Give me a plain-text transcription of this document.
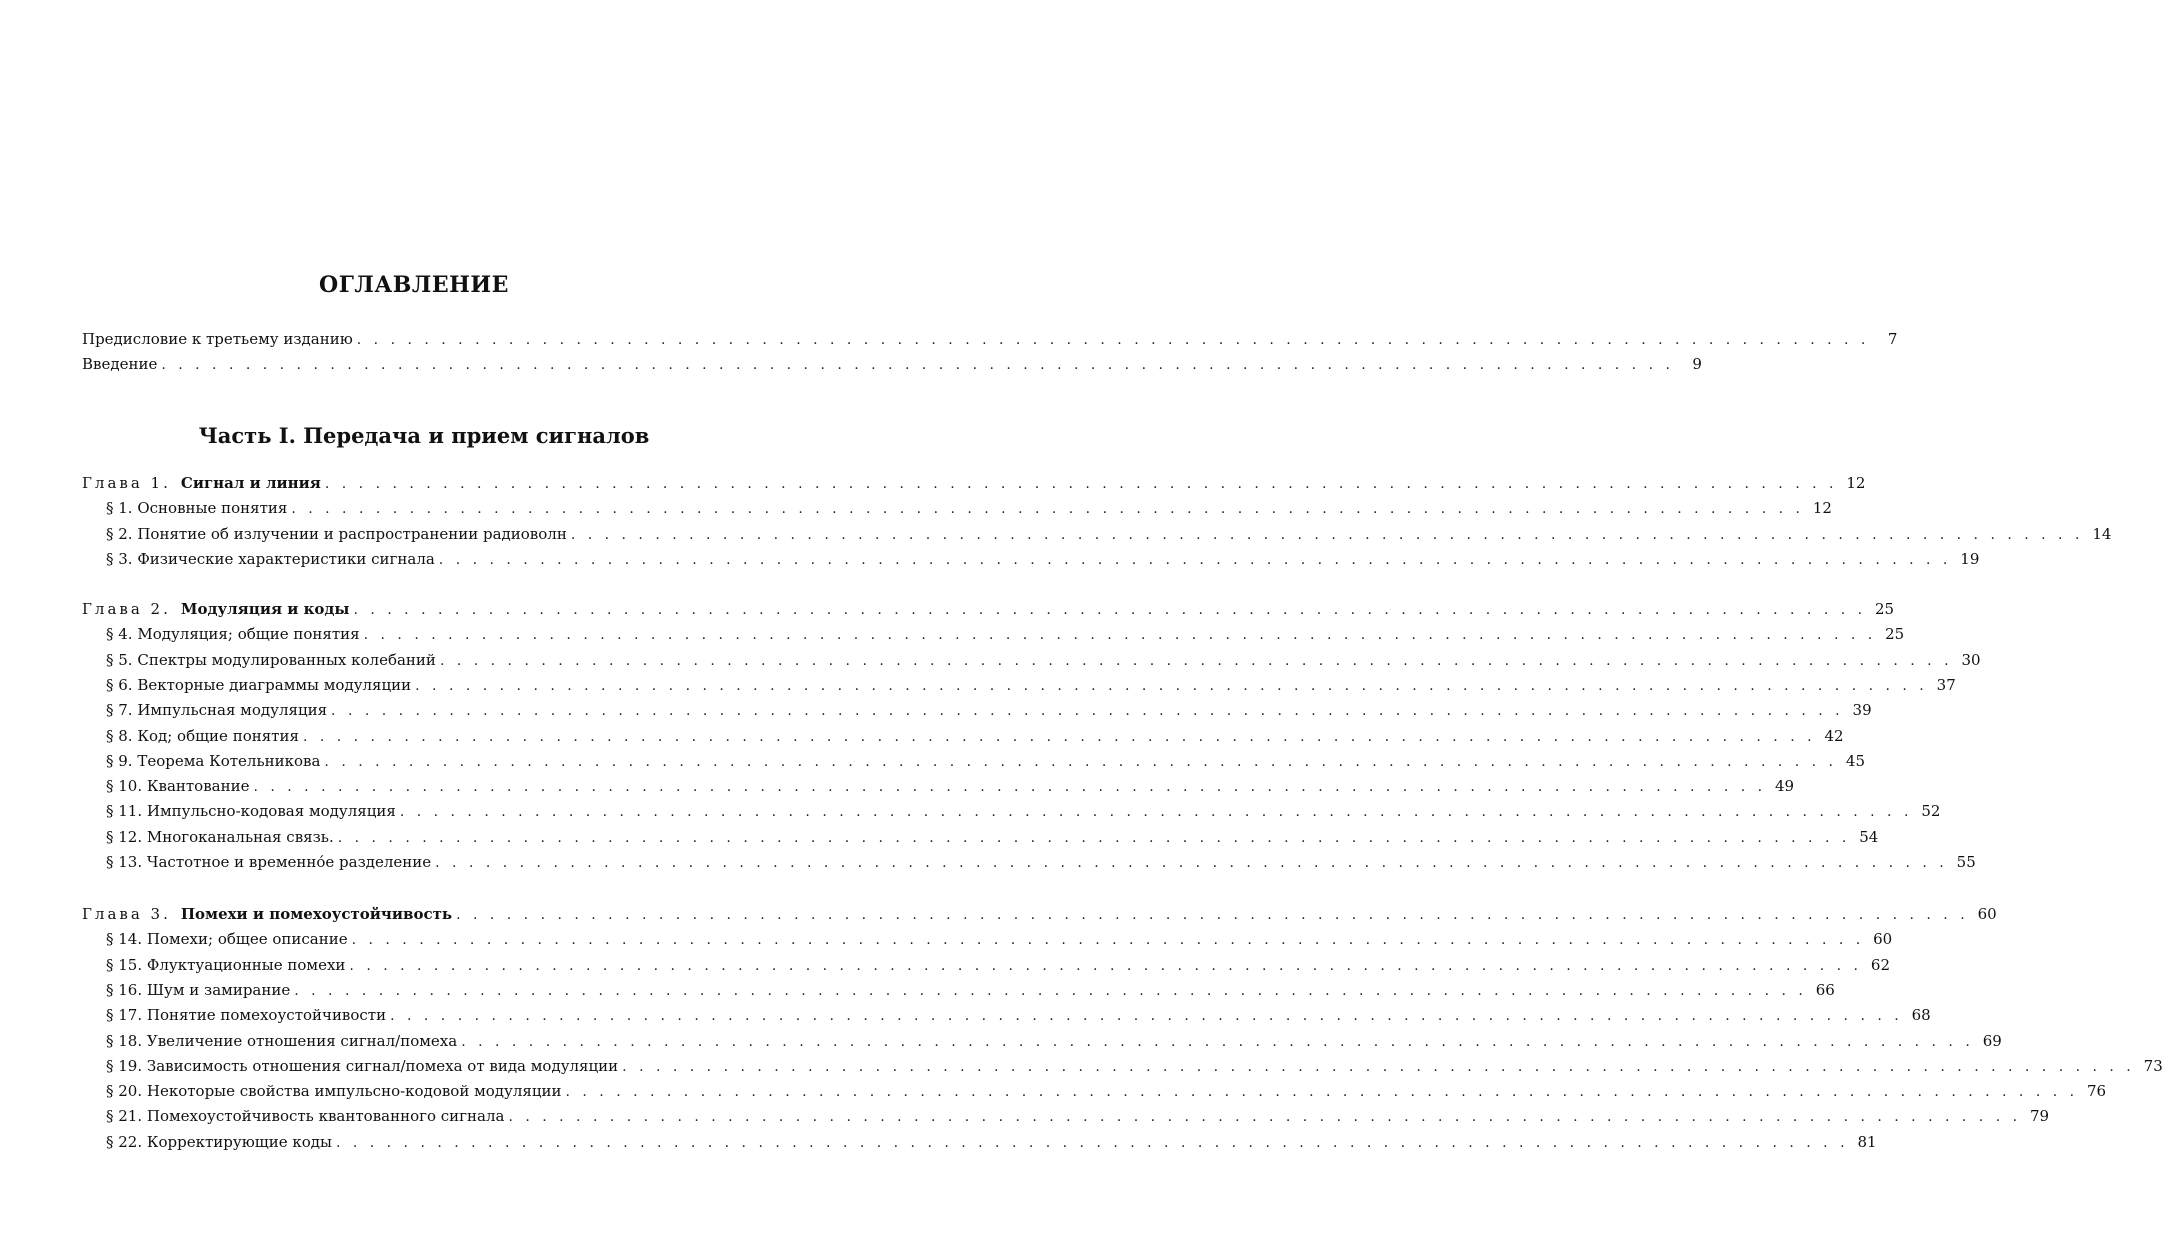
ОГЛАВЛЕНИЕ
Часть I. Передача и прием сигналов
Предисловие к третьему изданию . . . . . . . . . . . . . . . . . . . . . . . . . . . . . . . . . . . . . . . . . . . . . . . . . . . . . . . . . . . . . . . . . . . . . . . . . . . . . . . . . . . . . . . . . .	7
Введение . . . . . . . . . . . . . . . . . . . . . . . . . . . . . . . . . . . . . . . . . . . . . . . . . . . . . . . . . . . . . . . . . . . . . . . . . . . . . . . . . . . . . . . . . .	9
Глава 1. Сигнал и линия . . . . . . . . . . . . . . . . . . . . . . . . . . . . . . . . . . . . . . . . . . . . . . . . . . . . . . . . . . . . . . . . . . . . . . . . . . . . . . . . . . . . . . . . . . 12
§ 1. Основные понятия . . . . . . . . . . . . . . . . . . . . . . . . . . . . . . . . . . . . . . . . . . . . . . . . . . . . . . . . . . . . . . . . . . . . . . . . . . . . . . . . . . . . . . . . . . 12
§ 2. Понятие об излучении и распространении радиоволн . . . . . . . . . . . . . . . . . . . . . . . . . . . . . . . . . . . . . . . . . . . . . . . . . . . . . . . . . . . . . . . . . . . . . . . . . . . . . . . . . . . . . . . . . . 14
§ 3. Физические характеристики сигнала . . . . . . . . . . . . . . . . . . . . . . . . . . . . . . . . . . . . . . . . . . . . . . . . . . . . . . . . . . . . . . . . . . . . . . . . . . . . . . . . . . . . . . . . . . 19
Глава 2. Модуляция и коды . . . . . . . . . . . . . . . . . . . . . . . . . . . . . . . . . . . . . . . . . . . . . . . . . . . . . . . . . . . . . . . . . . . . . . . . . . . . . . . . . . . . . . . . . . 25
§ 4. Модуляция; общие понятия . . . . . . . . . . . . . . . . . . . . . . . . . . . . . . . . . . . . . . . . . . . . . . . . . . . . . . . . . . . . . . . . . . . . . . . . . . . . . . . . . . . . . . . . . . 25
§ 5. Спектры модулированных колебаний . . . . . . . . . . . . . . . . . . . . . . . . . . . . . . . . . . . . . . . . . . . . . . . . . . . . . . . . . . . . . . . . . . . . . . . . . . . . . . . . . . . . . . . . . . 30
§ 6. Векторные диаграммы модуляции . . . . . . . . . . . . . . . . . . . . . . . . . . . . . . . . . . . . . . . . . . . . . . . . . . . . . . . . . . . . . . . . . . . . . . . . . . . . . . . . . . . . . . . . . . 37
§ 7. Импульсная модуляция . . . . . . . . . . . . . . . . . . . . . . . . . . . . . . . . . . . . . . . . . . . . . . . . . . . . . . . . . . . . . . . . . . . . . . . . . . . . . . . . . . . . . . . . . . 39
§ 8. Код; общие понятия . . . . . . . . . . . . . . . . . . . . . . . . . . . . . . . . . . . . . . . . . . . . . . . . . . . . . . . . . . . . . . . . . . . . . . . . . . . . . . . . . . . . . . . . . . 42
§ 9. Теорема Котельникова . . . . . . . . . . . . . . . . . . . . . . . . . . . . . . . . . . . . . . . . . . . . . . . . . . . . . . . . . . . . . . . . . . . . . . . . . . . . . . . . . . . . . . . . . . 45
§ 10. Квантование . . . . . . . . . . . . . . . . . . . . . . . . . . . . . . . . . . . . . . . . . . . . . . . . . . . . . . . . . . . . . . . . . . . . . . . . . . . . . . . . . . . . . . . . . . 49
§ 11. Импульсно-кодовая модуляция . . . . . . . . . . . . . . . . . . . . . . . . . . . . . . . . . . . . . . . . . . . . . . . . . . . . . . . . . . . . . . . . . . . . . . . . . . . . . . . . . . . . . . . . . . 52
§ 12. Многоканальная связь. . . . . . . . . . . . . . . . . . . . . . . . . . . . . . . . . . . . . . . . . . . . . . . . . . . . . . . . . . . . . . . . . . . . . . . . . . . . . . . . . . . . . . . . . . . 54
§ 13. Частотное и временно́е разделение . . . . . . . . . . . . . . . . . . . . . . . . . . . . . . . . . . . . . . . . . . . . . . . . . . . . . . . . . . . . . . . . . . . . . . . . . . . . . . . . . . . . . . . . . . 55
Глава 3. Помехи и помехоустойчивость . . . . . . . . . . . . . . . . . . . . . . . . . . . . . . . . . . . . . . . . . . . . . . . . . . . . . . . . . . . . . . . . . . . . . . . . . . . . . . . . . . . . . . . . . . 60
§ 14. Помехи; общее описание . . . . . . . . . . . . . . . . . . . . . . . . . . . . . . . . . . . . . . . . . . . . . . . . . . . . . . . . . . . . . . . . . . . . . . . . . . . . . . . . . . . . . . . . . . 60
§ 15. Флуктуационные помехи . . . . . . . . . . . . . . . . . . . . . . . . . . . . . . . . . . . . . . . . . . . . . . . . . . . . . . . . . . . . . . . . . . . . . . . . . . . . . . . . . . . . . . . . . . 62
§ 16. Шум и замирание . . . . . . . . . . . . . . . . . . . . . . . . . . . . . . . . . . . . . . . . . . . . . . . . . . . . . . . . . . . . . . . . . . . . . . . . . . . . . . . . . . . . . . . . . . 66
§ 17. Понятие помехоустойчивости . . . . . . . . . . . . . . . . . . . . . . . . . . . . . . . . . . . . . . . . . . . . . . . . . . . . . . . . . . . . . . . . . . . . . . . . . . . . . . . . . . . . . . . . . . 68
§ 18. Увеличение отношения сигнал/помеха . . . . . . . . . . . . . . . . . . . . . . . . . . . . . . . . . . . . . . . . . . . . . . . . . . . . . . . . . . . . . . . . . . . . . . . . . . . . . . . . . . . . . . . . . . 69
§ 19. Зависимость отношения сигнал/помеха от вида модуляции . . . . . . . . . . . . . . . . . . . . . . . . . . . . . . . . . . . . . . . . . . . . . . . . . . . . . . . . . . . . . . . . . . . . . . . . . . . . . . . . . . . . . . . . . . 73
§ 20. Некоторые свойства импульсно-кодовой модуляции . . . . . . . . . . . . . . . . . . . . . . . . . . . . . . . . . . . . . . . . . . . . . . . . . . . . . . . . . . . . . . . . . . . . . . . . . . . . . . . . . . . . . . . . . . 76
§ 21. Помехоустойчивость квантованного сигнала . . . . . . . . . . . . . . . . . . . . . . . . . . . . . . . . . . . . . . . . . . . . . . . . . . . . . . . . . . . . . . . . . . . . . . . . . . . . . . . . . . . . . . . . . . 79
§ 22. Корректирующие коды . . . . . . . . . . . . . . . . . . . . . . . . . . . . . . . . . . . . . . . . . . . . . . . . . . . . . . . . . . . . . . . . . . . . . . . . . . . . . . . . . . . . . . . . . . 81
